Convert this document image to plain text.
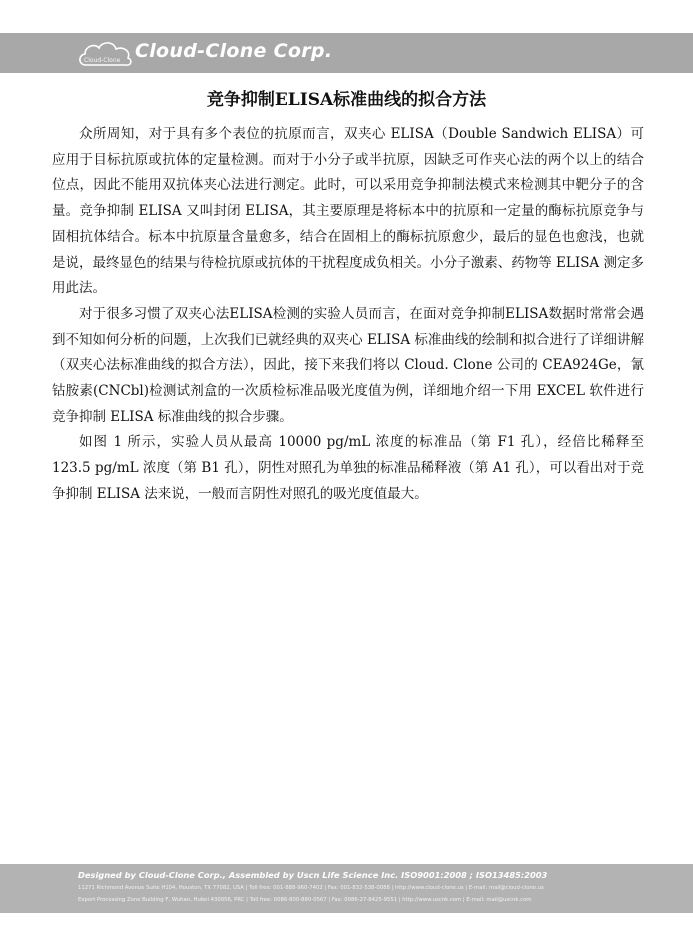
Cloud-Clone Cloud-Clone Corp.
竞争抑制ELISA标准曲线的拟合方法

众所周知，对于具有多个表位的抗原而言，双夹心 ELISA（Double Sandwich ELISA）可应用于目标抗原或抗体的定量检测。而对于小分子或半抗原，因缺乏可作夹心法的两个以上的结合位点，因此不能用双抗体夹心法进行测定。此时，可以采用竞争抑制法模式来检测其中靶分子的含量。竞争抑制 ELISA 又叫封闭 ELISA，其主要原理是将标本中的抗原和一定量的酶标抗原竞争与固相抗体结合。标本中抗原量含量愈多，结合在固相上的酶标抗原愈少，最后的显色也愈浅，也就是说，最终显色的结果与待检抗原或抗体的干扰程度成负相关。小分子激素、药物等 ELISA 测定多用此法。

对于很多习惯了双夹心法ELISA检测的实验人员而言，在面对竞争抑制ELISA数据时常常会遇到不知如何分析的问题，上次我们已就经典的双夹心 ELISA 标准曲线的绘制和拟合进行了详细讲解（双夹心法标准曲线的拟合方法），因此，接下来我们将以 Cloud. Clone 公司的 CEA924Ge，氰钴胺素(CNCbl)检测试剂盒的一次质检标准品吸光度值为例，详细地介绍一下用 EXCEL 软件进行竞争抑制 ELISA 标准曲线的拟合步骤。

如图 1 所示，实验人员从最高 10000 pg/mL 浓度的标准品（第 F1 孔），经倍比稀释至 123.5 pg/mL 浓度（第 B1 孔），阴性对照孔为单独的标准品稀释液（第 A1 孔），可以看出对于竞争抑制 ELISA 法来说，一般而言阴性对照孔的吸光度值最大。

Designed by Cloud-Clone Corp., Assembled by Uscn Life Science Inc. ISO9001:2008 ; ISO13485:2003
11271 Richmond Avenue Suite H104, Houston, TX 77082, USA | Toll free: 001-888-960-7402 | Fax: 001-832-538-0088 | http://www.cloud-clone.us | E-mail: mail@cloud-clone.us
Export Processing Zone Building F, Wuhan, Hubei 430056, PRC | Toll free: 0086-800-880-0567 | Fax: 0086-27-8425-9551 | http://www.uscnk.com | E-mail: mail@uscnk.com
